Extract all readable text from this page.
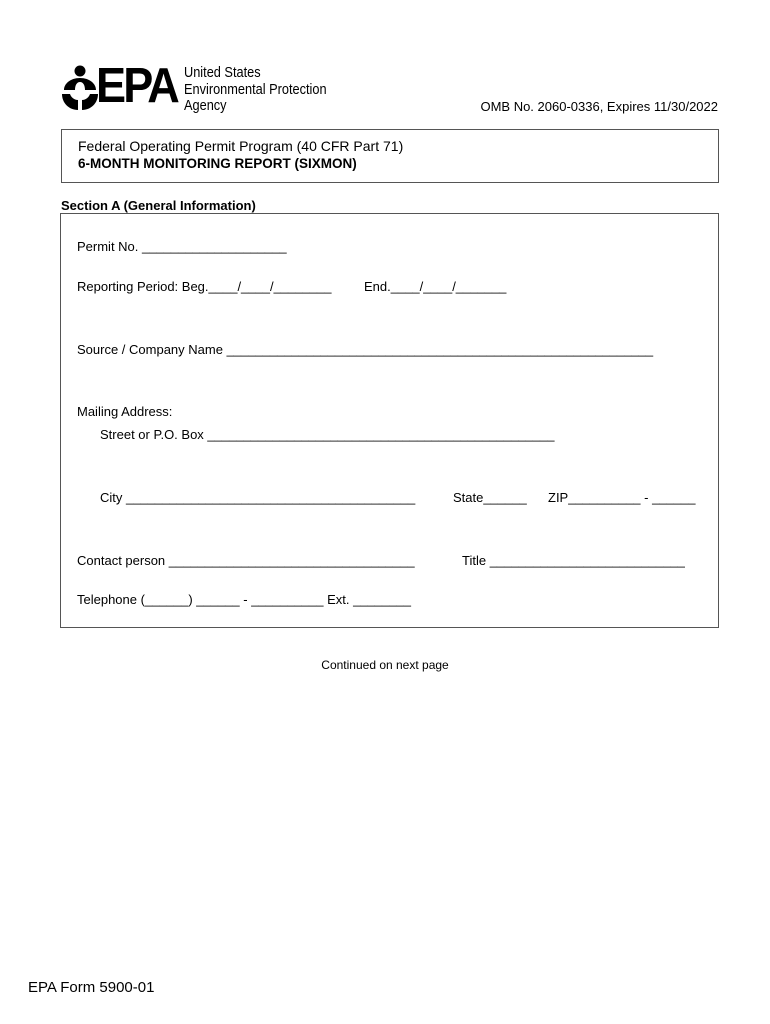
EPA United States
Environmental Protection
Agency	OMB No. 2060-0336, Expires 11/30/2022
Federal Operating Permit Program (40 CFR Part 71)
6-MONTH MONITORING REPORT (SIXMON)
Section A (General Information)
Permit No. ____________________
Reporting Period: Beg.____/____/________	End.____/____/_______
Source / Company Name ___________________________________________________________
Mailing Address:
Street or P.O. Box ________________________________________________
City ________________________________________	State______ ZIP__________ - ______
Contact person __________________________________	Title ___________________________
Telephone (______) ______ - __________ Ext. ________
Continued on next page
EPA Form 5900-01
